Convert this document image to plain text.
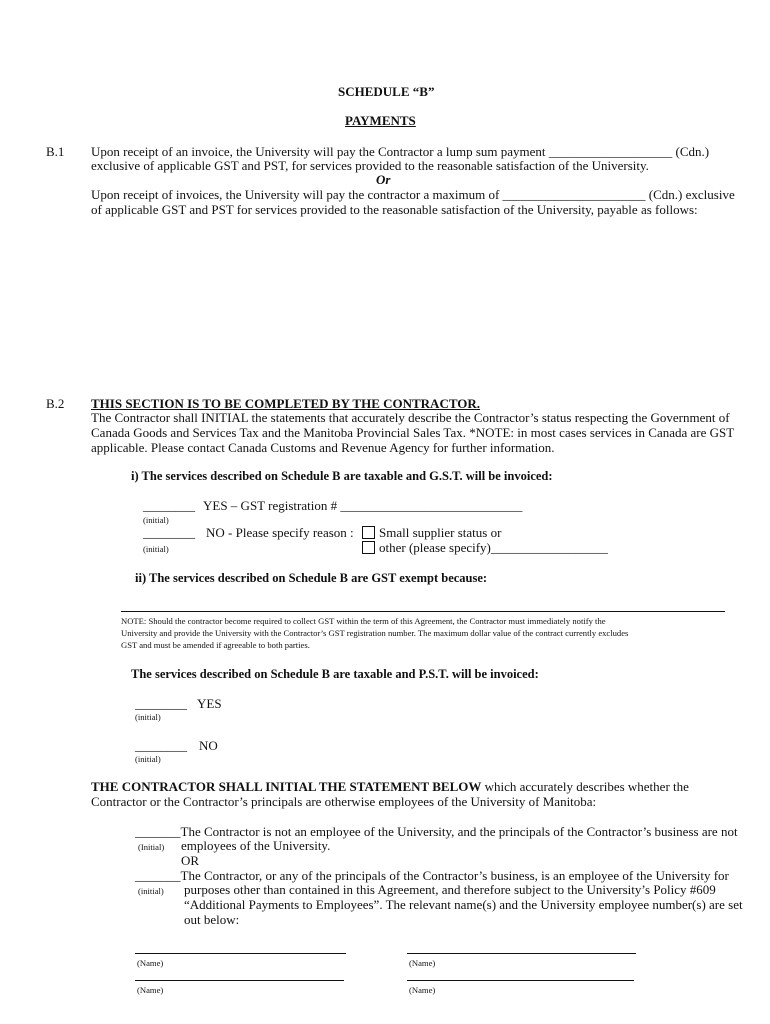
SCHEDULE “B”
PAYMENTS
B.1 Upon receipt of an invoice, the University will pay the Contractor a lump sum payment ___________________ (Cdn.)
exclusive of applicable GST and PST, for services provided to the reasonable satisfaction of the University.
Or
Upon receipt of invoices, the University will pay the contractor a maximum of ______________________ (Cdn.) exclusive
of applicable GST and PST for services provided to the reasonable satisfaction of the University, payable as follows:
B.2 THIS SECTION IS TO BE COMPLETED BY THE CONTRACTOR.
The Contractor shall INITIAL the statements that accurately describe the Contractor’s status respecting the Government of
Canada Goods and Services Tax and the Manitoba Provincial Sales Tax. *NOTE: in most cases services in Canada are GST
applicable. Please contact Canada Customs and Revenue Agency for further information.
i) The services described on Schedule B are taxable and G.S.T. will be invoiced:
________ YES – GST registration # ____________________________
(initial)
________ NO - Please specify reason : Small supplier status or
(initial)	other (please specify)__________________
ii) The services described on Schedule B are GST exempt because:
NOTE: Should the contractor become required to collect GST within the term of this Agreement, the Contractor must immediately notify the
University and provide the University with the Contractor’s GST registration number. The maximum dollar value of the contract currently excludes
GST and must be amended if agreeable to both parties.
The services described on Schedule B are taxable and P.S.T. will be invoiced:
________ YES
(initial)
________ NO
(initial)
THE CONTRACTOR SHALL INITIAL THE STATEMENT BELOW which accurately describes whether the
Contractor or the Contractor’s principals are otherwise employees of the University of Manitoba:
_______The Contractor is not an employee of the University, and the principals of the Contractor’s business are not
(Initial) employees of the University.
OR
_______The Contractor, or any of the principals of the Contractor’s business, is an employee of the University for
(initial) purposes other than contained in this Agreement, and therefore subject to the University’s Policy #609
“Additional Payments to Employees”. The relevant name(s) and the University employee number(s) are set
out below:
(Name)	(Name)
(Name)	(Name)
